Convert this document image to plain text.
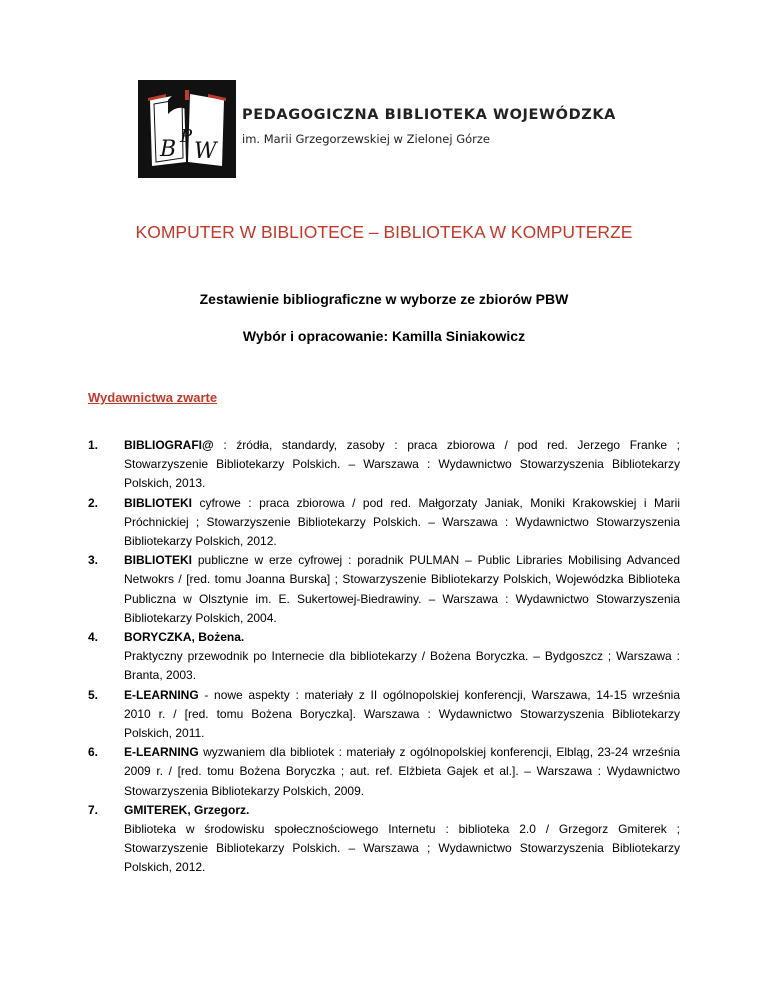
B
P
W
PEDAGOGICZNA BIBLIOTEKA WOJEWÓDZKA
im. Marii Grzegorzewskiej w Zielonej Górze
KOMPUTER W BIBLIOTECE – BIBLIOTEKA W KOMPUTERZE

Zestawienie bibliograficzne w wyborze ze zbiorów PBW

Wybór i opracowanie: Kamilla Siniakowicz

Wydawnictwa zwarte
1. BIBLIOGRAFI@ : źródła, standardy, zasoby : praca zbiorowa / pod red. Jerzego Franke ; Stowarzyszenie Bibliotekarzy Polskich. – Warszawa : Wydawnictwo Stowarzyszenia Bibliotekarzy Polskich, 2013.
2. BIBLIOTEKI cyfrowe : praca zbiorowa / pod red. Małgorzaty Janiak, Moniki Krakowskiej i Marii Próchnickiej ; Stowarzyszenie Bibliotekarzy Polskich. – Warszawa : Wydawnictwo Stowarzyszenia Bibliotekarzy Polskich, 2012.
3. BIBLIOTEKI publiczne w erze cyfrowej : poradnik PULMAN – Public Libraries Mobilising Advanced Netwokrs / [red. tomu Joanna Burska] ; Stowarzyszenie Bibliotekarzy Polskich, Wojewódzka Biblioteka Publiczna w Olsztynie im. E. Sukertowej-Biedrawiny. – Warszawa : Wydawnictwo Stowarzyszenia Bibliotekarzy Polskich, 2004.
4. BORYCZKA, Bożena.
Praktyczny przewodnik po Internecie dla bibliotekarzy / Bożena Boryczka. – Bydgoszcz ; Warszawa : Branta, 2003.
5. E-LEARNING - nowe aspekty : materiały z II ogólnopolskiej konferencji, Warszawa, 14-15 września 2010 r. / [red. tomu Bożena Boryczka]. Warszawa : Wydawnictwo Stowarzyszenia Bibliotekarzy Polskich, 2011.
6. E-LEARNING wyzwaniem dla bibliotek : materiały z ogólnopolskiej konferencji, Elbląg, 23-24 września 2009 r. / [red. tomu Bożena Boryczka ; aut. ref. Elżbieta Gajek et al.]. – Warszawa : Wydawnictwo Stowarzyszenia Bibliotekarzy Polskich, 2009.
7. GMITEREK, Grzegorz.
Biblioteka w środowisku społecznościowego Internetu : biblioteka 2.0 / Grzegorz Gmiterek ; Stowarzyszenie Bibliotekarzy Polskich. – Warszawa ; Wydawnictwo Stowarzyszenia Bibliotekarzy Polskich, 2012.
